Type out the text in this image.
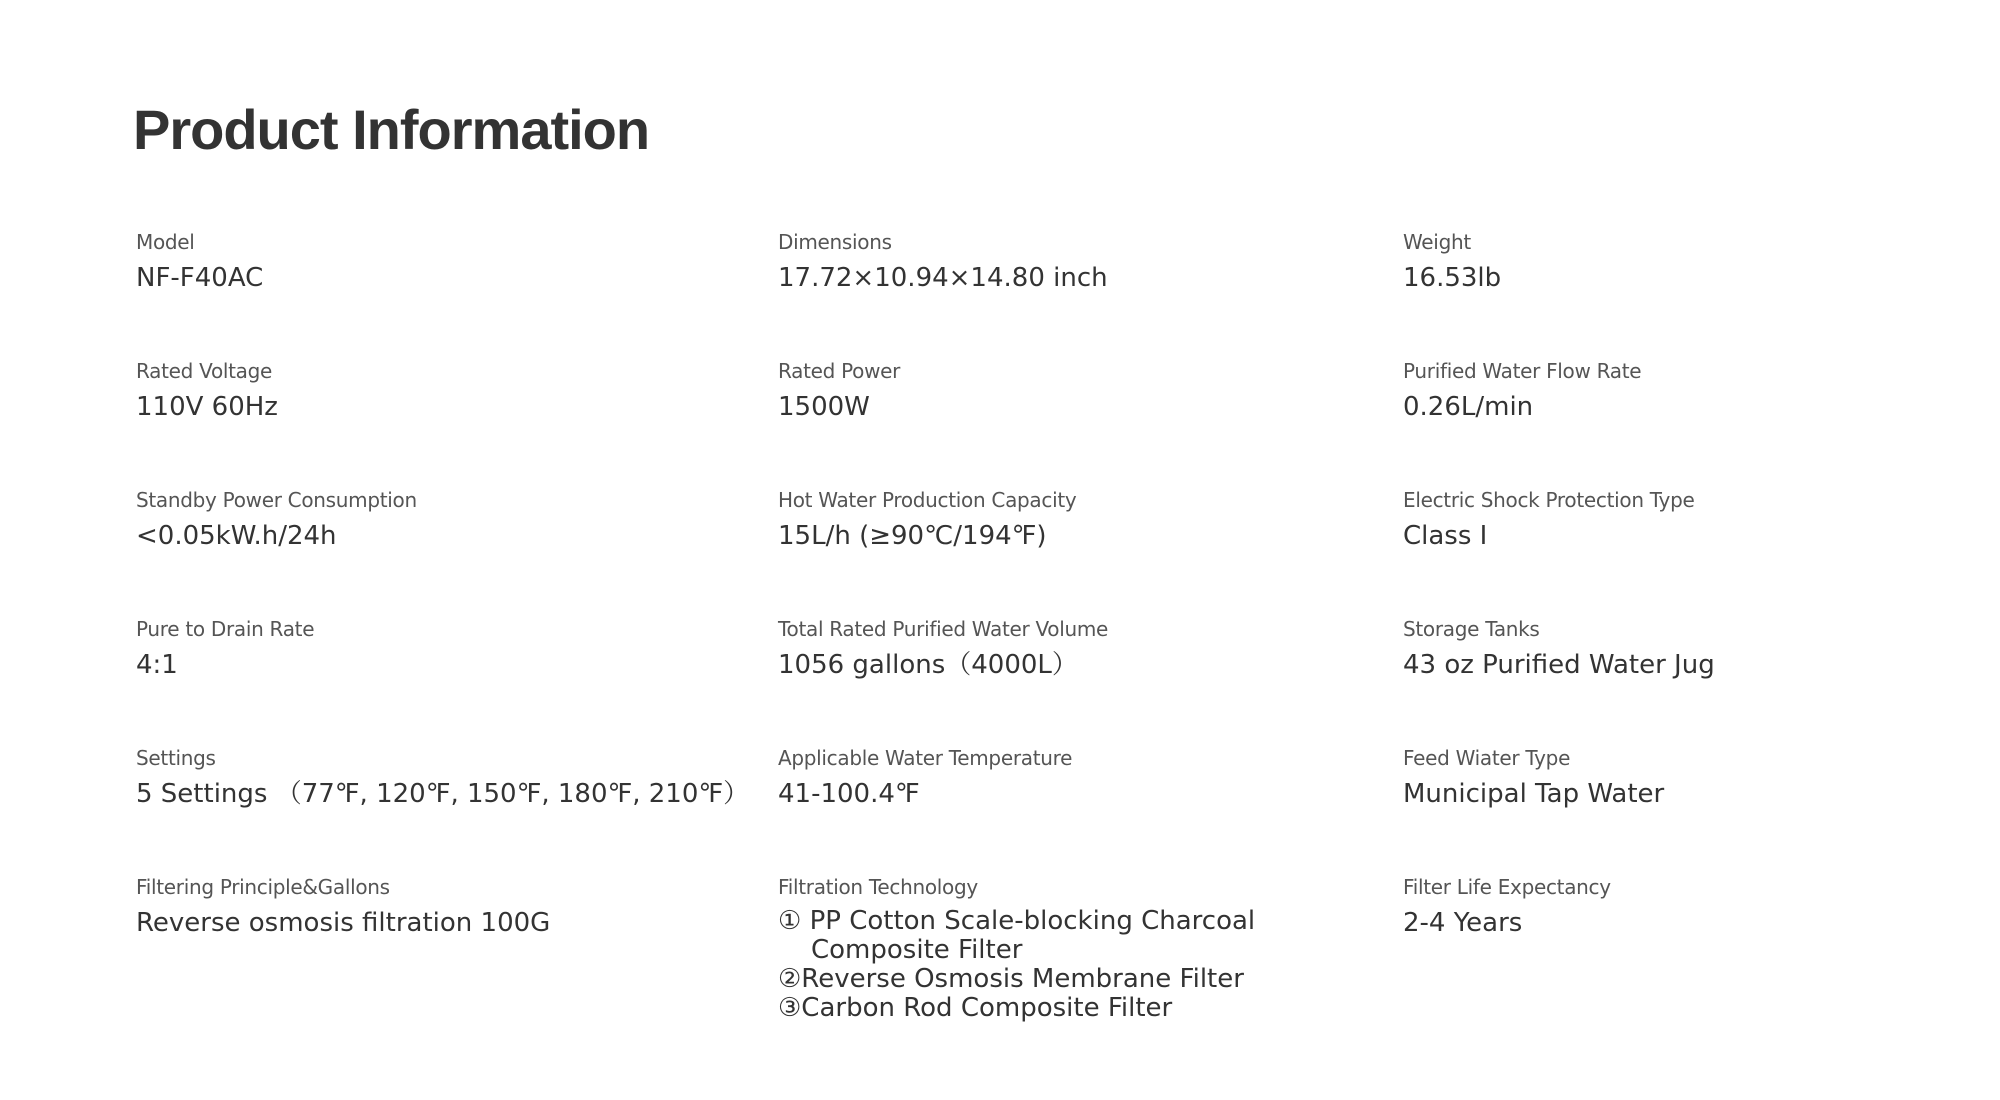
Product Information
Model
NF-F40AC
Dimensions
17.72×10.94×14.80 inch
Weight
16.53lb
Rated Voltage
110V 60Hz
Rated Power
1500W
Purified Water Flow Rate
0.26L/min
Standby Power Consumption
<0.05kW.h/24h
Hot Water Production Capacity
15L/h (≥90℃/194℉)
Electric Shock Protection Type
Class I
Pure to Drain Rate
4:1
Total Rated Purified Water Volume
1056 gallons（4000L）
Storage Tanks
43 oz Purified Water Jug
Settings
5 Settings （77℉, 120℉, 150℉, 180℉, 210℉）
Applicable Water Temperature
41-100.4℉
Feed Wiater Type
Municipal Tap Water
Filtering Principle&Gallons
Reverse osmosis filtration 100G
Filtration Technology
① PP Cotton Scale-blocking Charcoal
Composite Filter
②Reverse Osmosis Membrane Filter
③Carbon Rod Composite Filter
Filter Life Expectancy
2-4 Years
